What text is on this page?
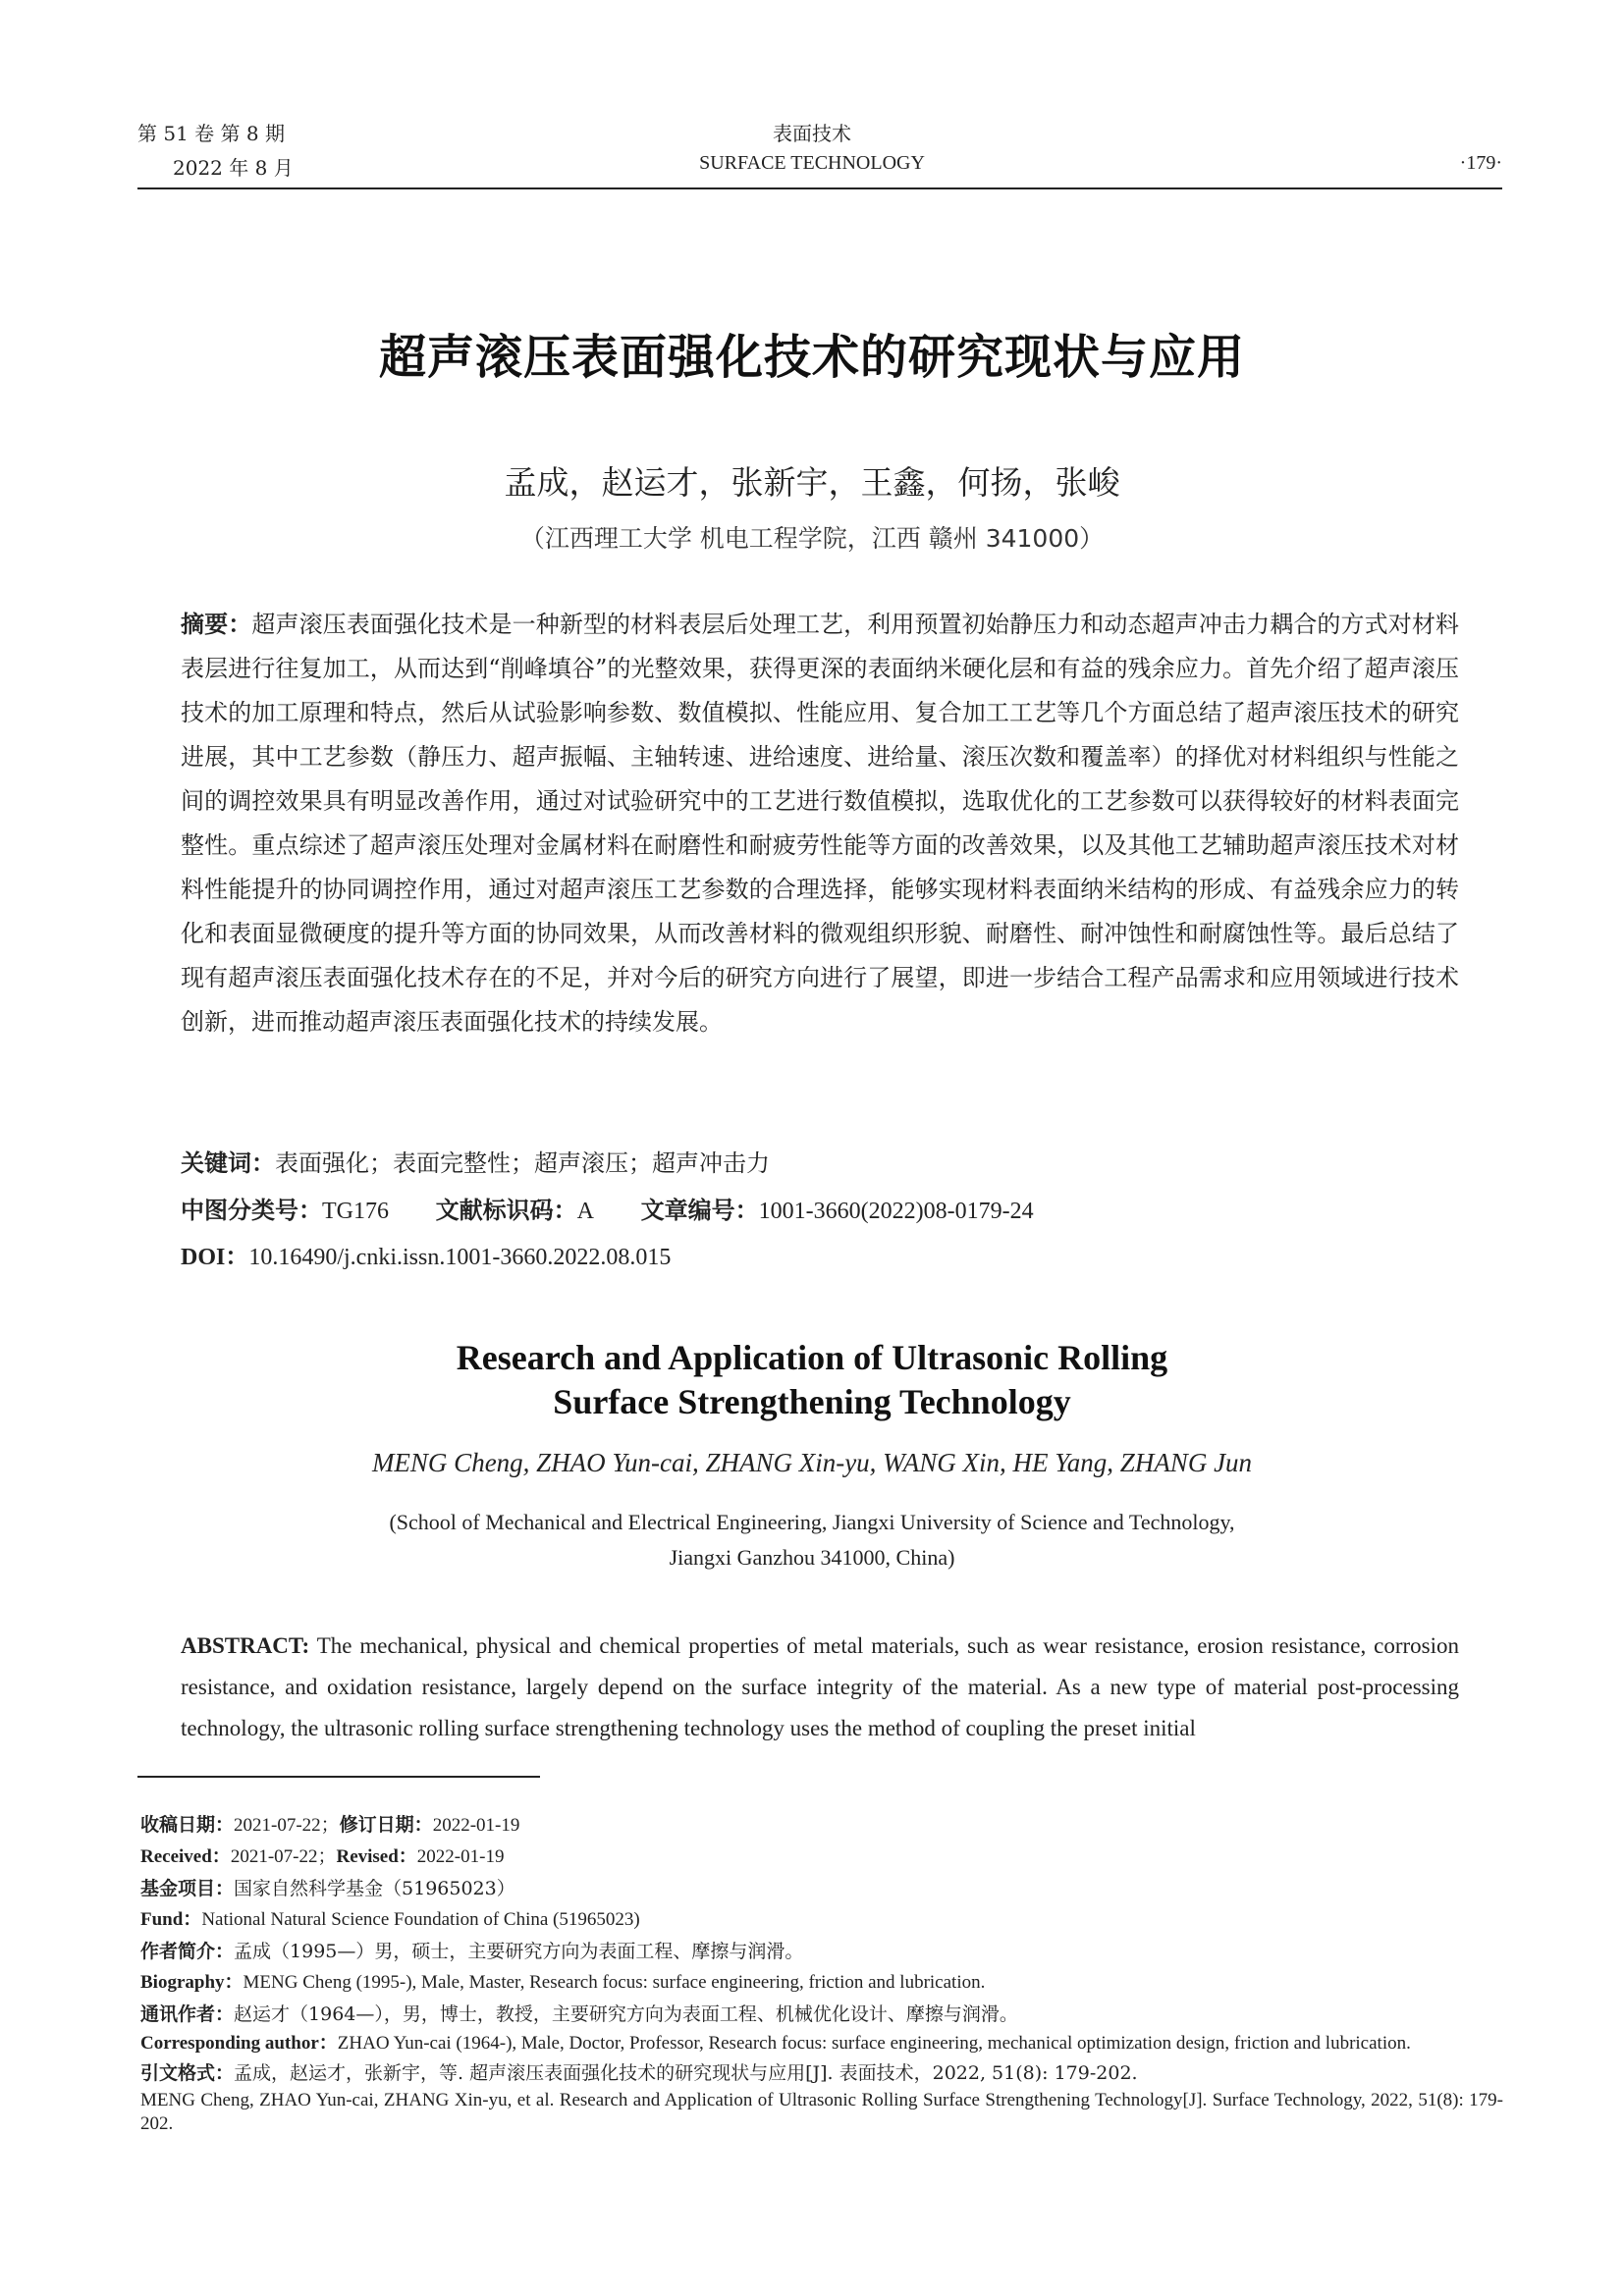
第 51 卷 第 8 期
2022 年 8 月
表面技术
SURFACE TECHNOLOGY	·179·
超声滚压表面强化技术的研究现状与应用
孟成，赵运才，张新宇，王鑫，何扬，张峻
（江西理工大学 机电工程学院，江西 赣州 341000）
摘要：超声滚压表面强化技术是一种新型的材料表层后处理工艺，利用预置初始静压力和动态超声冲击力耦合的方式对材料表层进行往复加工，从而达到“削峰填谷”的光整效果，获得更深的表面纳米硬化层和有益的残余应力。首先介绍了超声滚压技术的加工原理和特点，然后从试验影响参数、数值模拟、性能应用、复合加工工艺等几个方面总结了超声滚压技术的研究进展，其中工艺参数（静压力、超声振幅、主轴转速、进给速度、进给量、滚压次数和覆盖率）的择优对材料组织与性能之间的调控效果具有明显改善作用，通过对试验研究中的工艺进行数值模拟，选取优化的工艺参数可以获得较好的材料表面完整性。重点综述了超声滚压处理对金属材料在耐磨性和耐疲劳性能等方面的改善效果，以及其他工艺辅助超声滚压技术对材料性能提升的协同调控作用，通过对超声滚压工艺参数的合理选择，能够实现材料表面纳米结构的形成、有益残余应力的转化和表面显微硬度的提升等方面的协同效果，从而改善材料的微观组织形貌、耐磨性、耐冲蚀性和耐腐蚀性等。最后总结了现有超声滚压表面强化技术存在的不足，并对今后的研究方向进行了展望，即进一步结合工程产品需求和应用领域进行技术创新，进而推动超声滚压表面强化技术的持续发展。
关键词：表面强化；表面完整性；超声滚压；超声冲击力
中图分类号：TG176 文献标识码：A 文章编号：1001-3660(2022)08-0179-24
DOI：10.16490/j.cnki.issn.1001-3660.2022.08.015
Research and Application of Ultrasonic Rolling
Surface Strengthening Technology
MENG Cheng, ZHAO Yun-cai, ZHANG Xin-yu, WANG Xin, HE Yang, ZHANG Jun
(School of Mechanical and Electrical Engineering, Jiangxi University of Science and Technology,
Jiangxi Ganzhou 341000, China)
ABSTRACT: The mechanical, physical and chemical properties of metal materials, such as wear resistance, erosion resistance, corrosion resistance, and oxidation resistance, largely depend on the surface integrity of the material. As a new type of material post-processing technology, the ultrasonic rolling surface strengthening technology uses the method of coupling the preset initial

收稿日期：2021-07-22；修订日期：2022-01-19

Received：2021-07-22；Revised：2022-01-19

基金项目：国家自然科学基金（51965023）

Fund：National Natural Science Foundation of China (51965023)

作者简介：孟成（1995—）男，硕士，主要研究方向为表面工程、摩擦与润滑。

Biography：MENG Cheng (1995-), Male, Master, Research focus: surface engineering, friction and lubrication.

通讯作者：赵运才（1964—），男，博士，教授，主要研究方向为表面工程、机械优化设计、摩擦与润滑。

Corresponding author：ZHAO Yun-cai (1964-), Male, Doctor, Professor, Research focus: surface engineering, mechanical optimization design, friction and lubrication.

引文格式：孟成，赵运才，张新宇，等. 超声滚压表面强化技术的研究现状与应用[J]. 表面技术，2022, 51(8): 179-202.

MENG Cheng, ZHAO Yun-cai, ZHANG Xin-yu, et al. Research and Application of Ultrasonic Rolling Surface Strengthening Technology[J]. Surface Technology, 2022, 51(8): 179-202.
